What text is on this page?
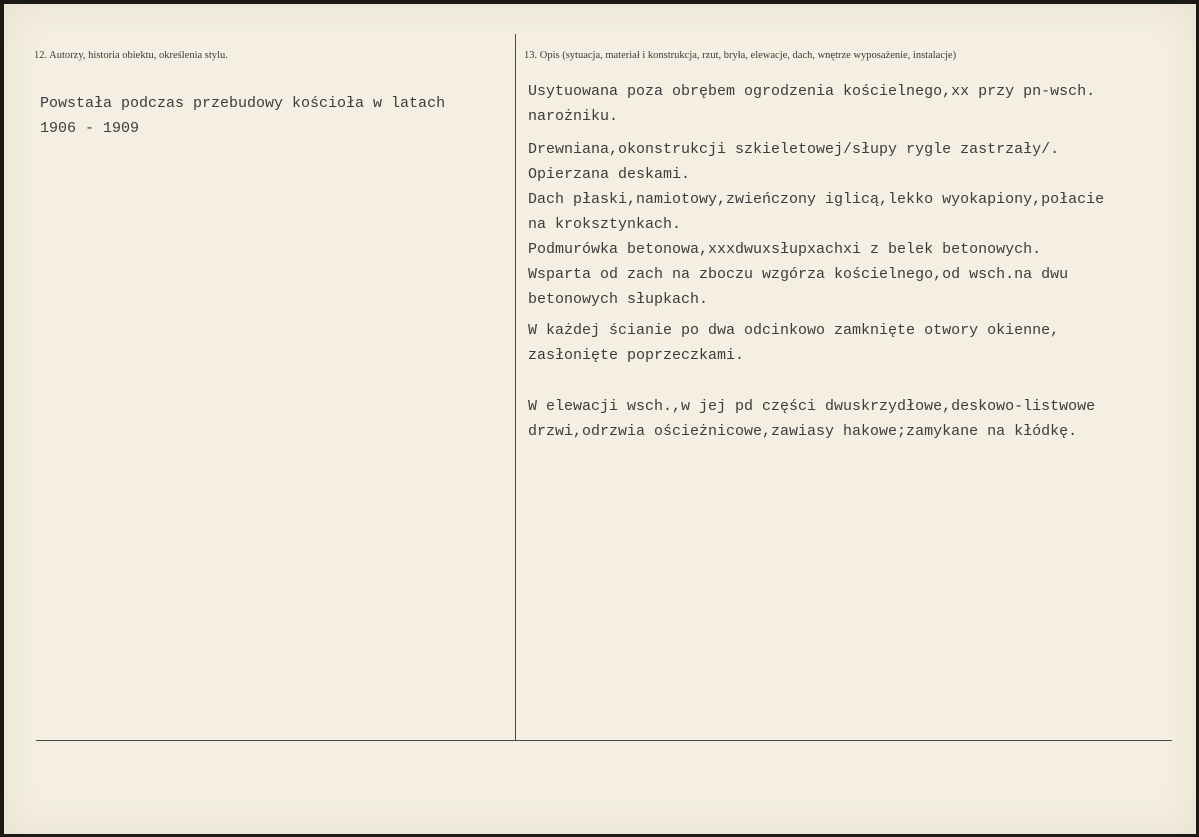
12. Autorzy, historia obiektu, określenia stylu.
Powstała podczas przebudowy kościoła w latach
1906 - 1909
13. Opis (sytuacja, materiał i konstrukcja, rzut, bryła, elewacje, dach, wnętrze wyposażenie, instalacje)
Usytuowana poza obrębem ogrodzenia kościelnego,xx przy pn-wsch.
narożniku.
Drewniana,okonstrukcji szkieletowej/słupy rygle zastrzały/.
Opierzana deskami.
Dach płaski,namiotowy,zwieńczony iglicą,lekko wyokapiony,połacie
na kroksztynkach.
Podmurówka betonowa,xxxdwuxsłupxachxi z belek betonowych.
Wsparta od zach na zboczu wzgórza kościelnego,od wsch.na dwu
betonowych słupkach.
W każdej ścianie po dwa odcinkowo zamknięte otwory okienne,
zasłonięte poprzeczkami.
W elewacji wsch.,w jej pd części dwuskrzydłowe,deskowo-listwowe
drzwi,odrzwia ościeżnicowe,zawiasy hakowe;zamykane na kłódkę.
